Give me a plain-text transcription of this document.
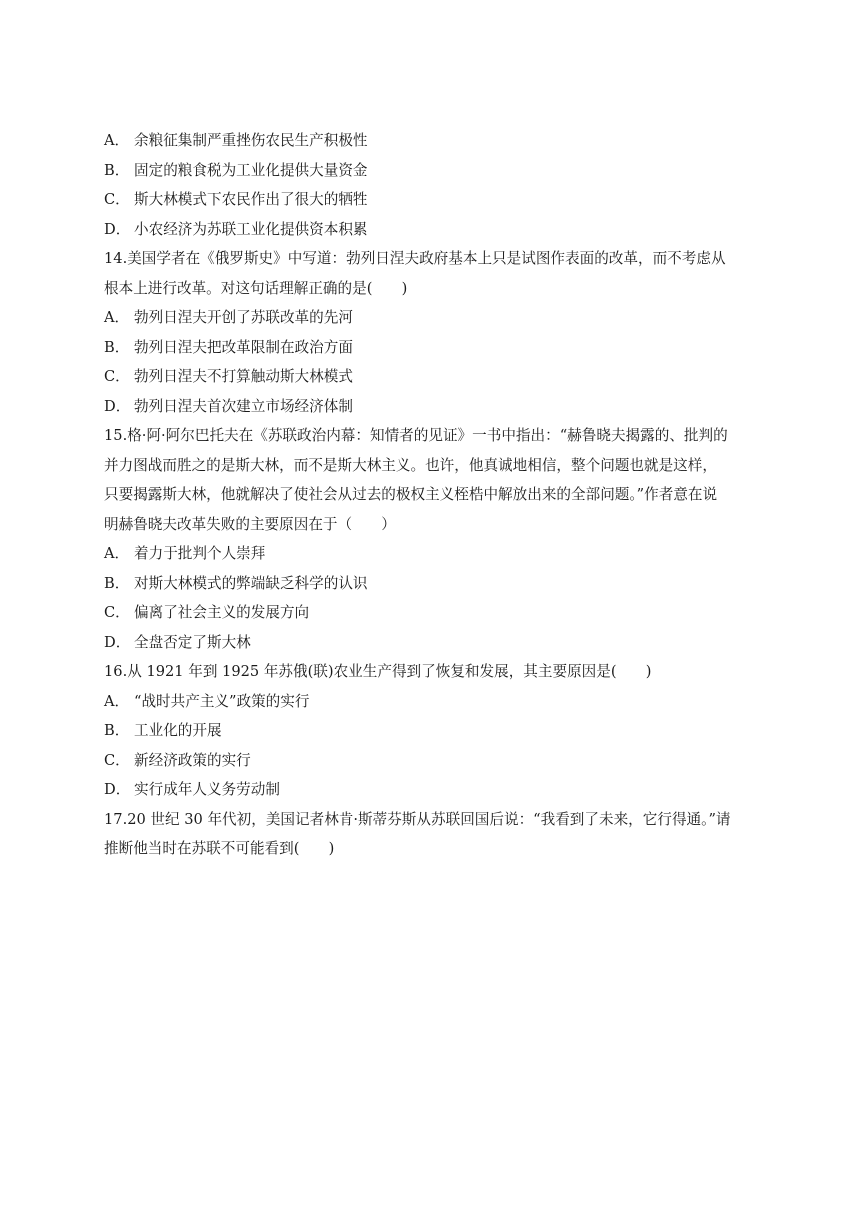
A． 余粮征集制严重挫伤农民生产积极性
B． 固定的粮食税为工业化提供大量资金
C． 斯大林模式下农民作出了很大的牺牲
D． 小农经济为苏联工业化提供资本积累
14.美国学者在《俄罗斯史》中写道：勃列日涅夫政府基本上只是试图作表面的改革，而不考虑从
根本上进行改革。对这句话理解正确的是(　　)
A． 勃列日涅夫开创了苏联改革的先河
B． 勃列日涅夫把改革限制在政治方面
C． 勃列日涅夫不打算触动斯大林模式
D． 勃列日涅夫首次建立市场经济体制
15.格·阿·阿尔巴托夫在《苏联政治内幕：知情者的见证》一书中指出：“赫鲁晓夫揭露的、批判的
并力图战而胜之的是斯大林，而不是斯大林主义。也许，他真诚地相信，整个问题也就是这样，
只要揭露斯大林，他就解决了使社会从过去的极权主义桎梏中解放出来的全部问题。”作者意在说
明赫鲁晓夫改革失败的主要原因在于（　　）
A． 着力于批判个人崇拜
B． 对斯大林模式的弊端缺乏科学的认识
C． 偏离了社会主义的发展方向
D． 全盘否定了斯大林
16.从 1921 年到 1925 年苏俄(联)农业生产得到了恢复和发展，其主要原因是(　　)
A． “战时共产主义”政策的实行
B． 工业化的开展
C． 新经济政策的实行
D． 实行成年人义务劳动制
17.20 世纪 30 年代初，美国记者林肯·斯蒂芬斯从苏联回国后说：“我看到了未来，它行得通。”请
推断他当时在苏联不可能看到(　　)
